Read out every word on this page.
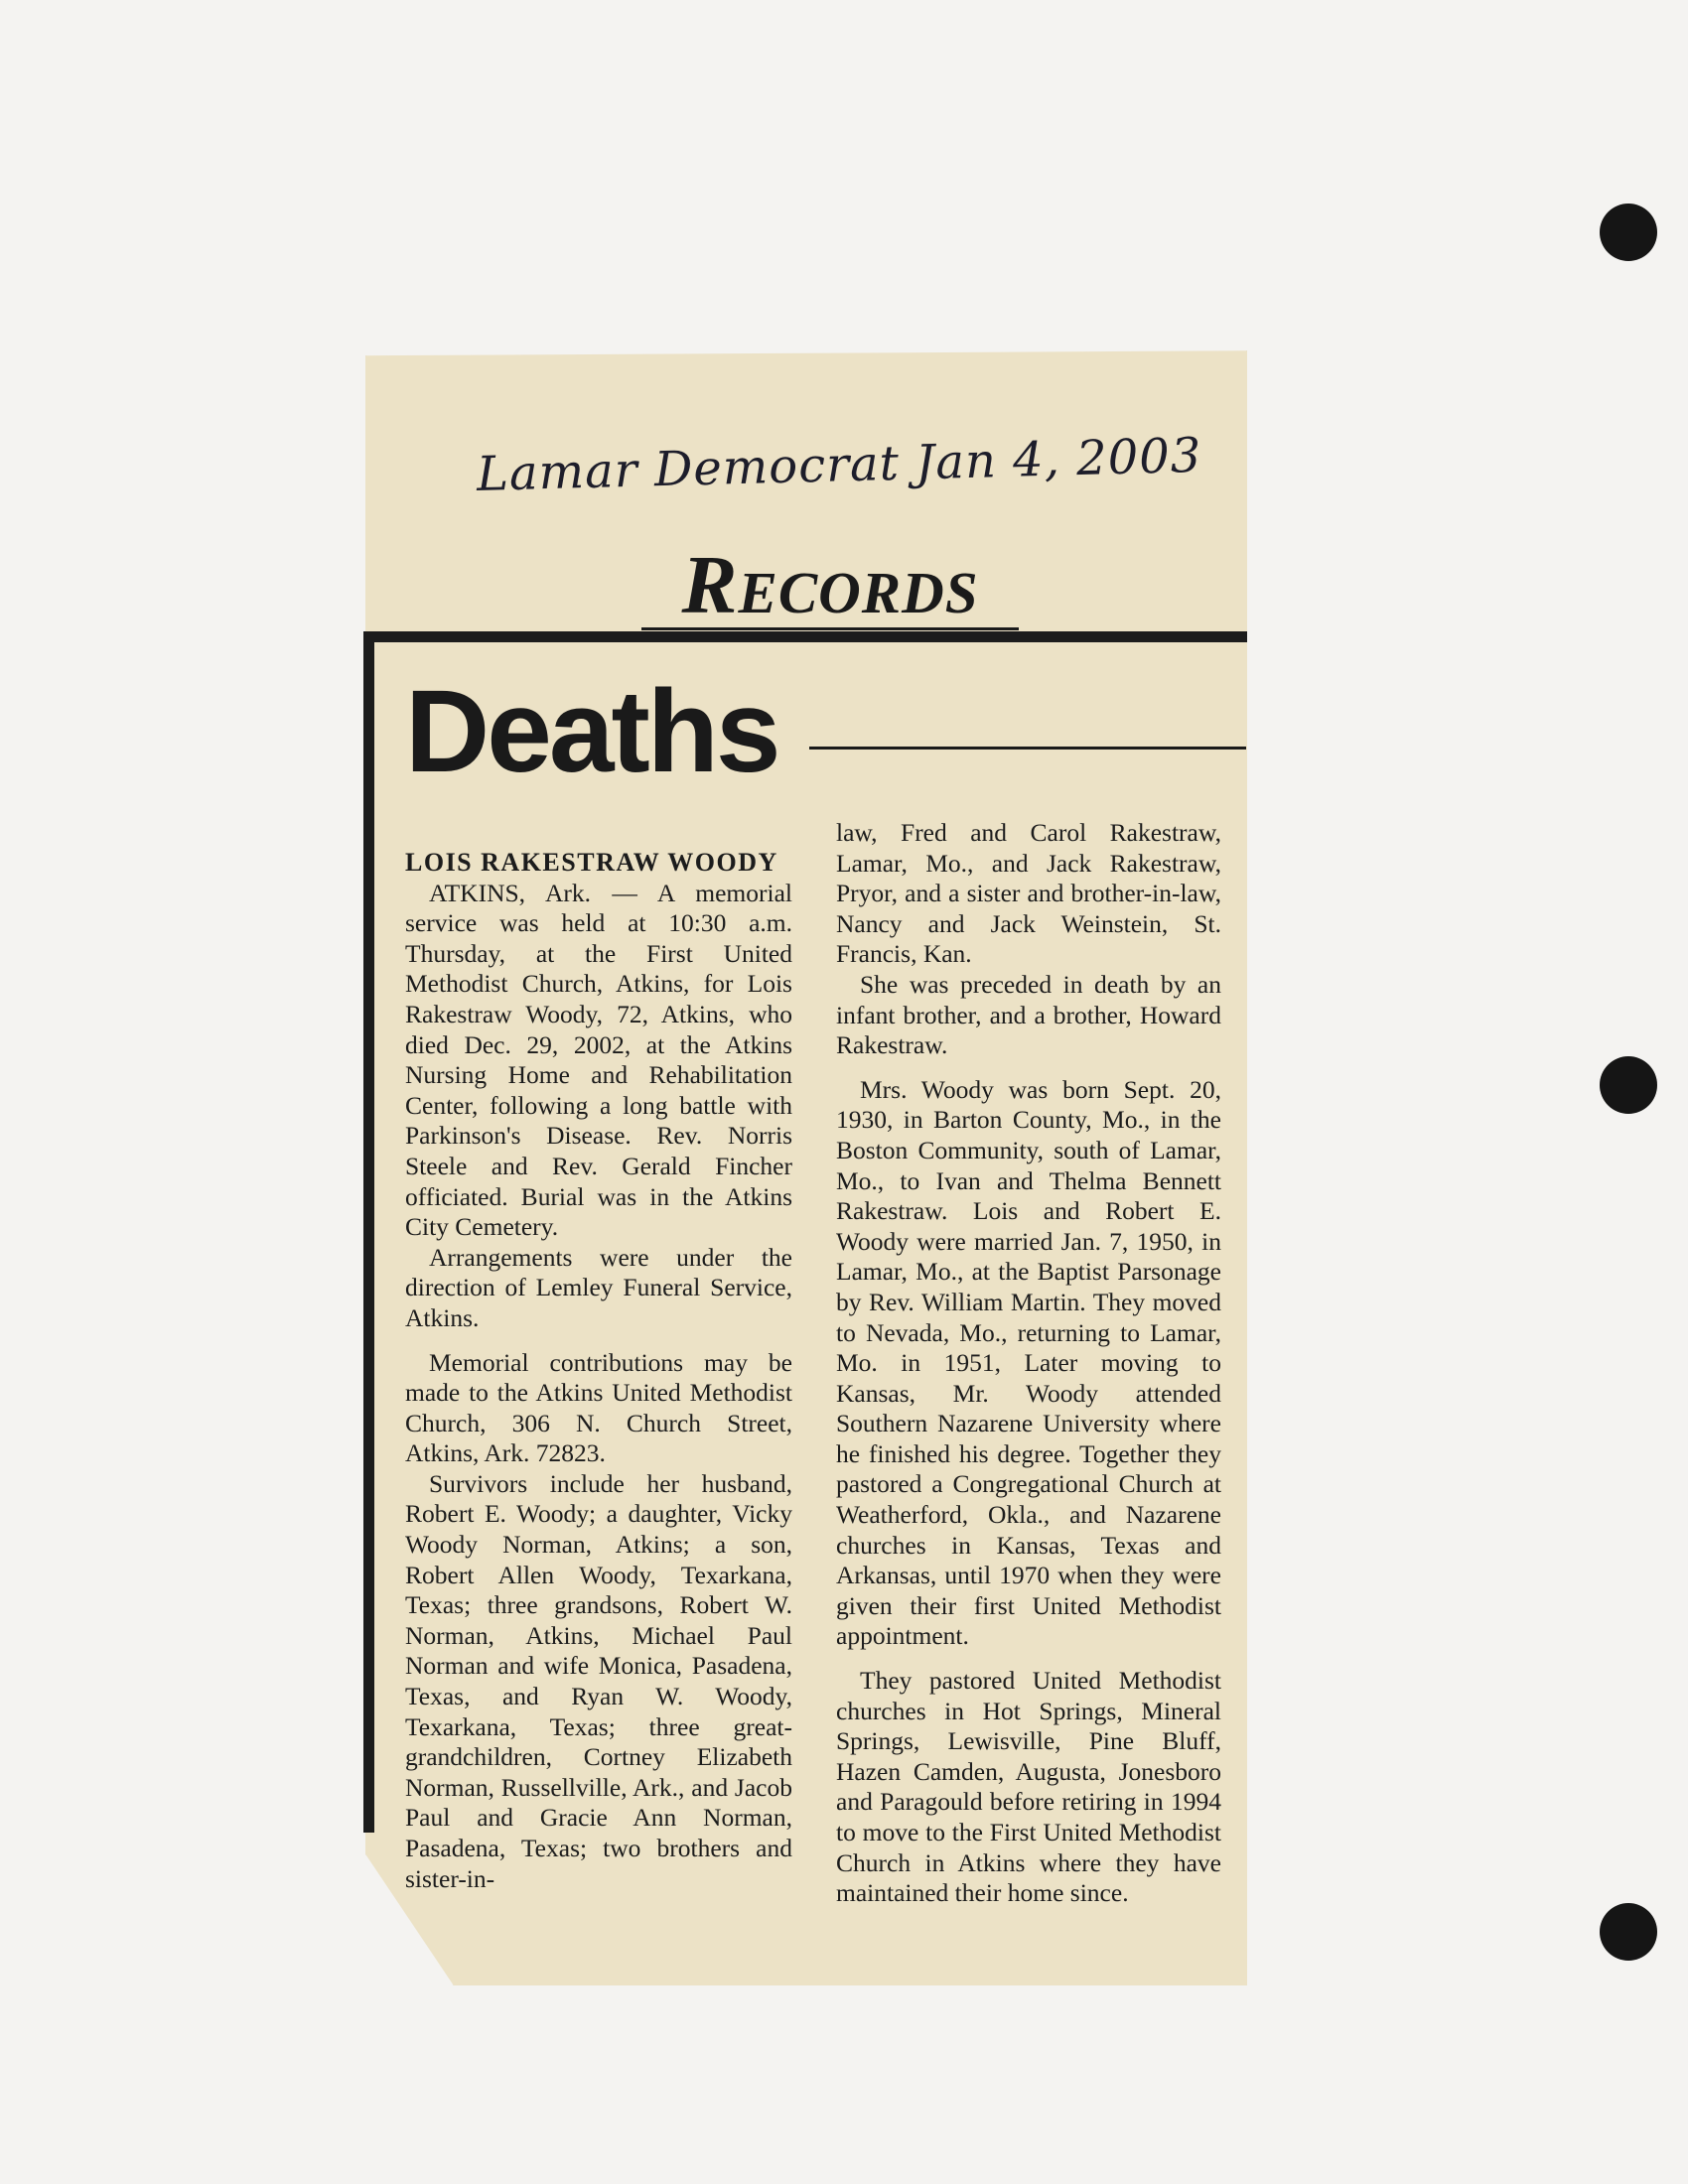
Lamar Democrat Jan 4, 2003
Records
Deaths

LOIS RAKESTRAW WOODY

ATKINS, Ark. — A memorial service was held at 10:30 a.m. Thursday, at the First United Methodist Church, Atkins, for Lois Rakestraw Woody, 72, Atkins, who died Dec. 29, 2002, at the Atkins Nursing Home and Rehabilitation Center, following a long battle with Parkinson's Disease. Rev. Norris Steele and Rev. Gerald Fincher officiated. Burial was in the Atkins City Cemetery.

Arrangements were under the direction of Lemley Funeral Service, Atkins.

Memorial contributions may be made to the Atkins United Methodist Church, 306 N. Church Street, Atkins, Ark. 72823.

Survivors include her husband, Robert E. Woody; a daughter, Vicky Woody Norman, Atkins; a son, Robert Allen Woody, Texarkana, Texas; three grandsons, Robert W. Norman, Atkins, Michael Paul Norman and wife Monica, Pasadena, Texas, and Ryan W. Woody, Texarkana, Texas; three great-grandchildren, Cortney Elizabeth Norman, Russellville, Ark., and Jacob Paul and Gracie Ann Norman, Pasadena, Texas; two brothers and sister-in-

law, Fred and Carol Rakestraw, Lamar, Mo., and Jack Rakestraw, Pryor, and a sister and brother-in-law, Nancy and Jack Weinstein, St. Francis, Kan.

She was preceded in death by an infant brother, and a brother, Howard Rakestraw.

Mrs. Woody was born Sept. 20, 1930, in Barton County, Mo., in the Boston Community, south of Lamar, Mo., to Ivan and Thelma Bennett Rakestraw. Lois and Robert E. Woody were married Jan. 7, 1950, in Lamar, Mo., at the Baptist Parsonage by Rev. William Martin. They moved to Nevada, Mo., returning to Lamar, Mo. in 1951, Later moving to Kansas, Mr. Woody attended Southern Nazarene University where he finished his degree. Together they pastored a Congregational Church at Weatherford, Okla., and Nazarene churches in Kansas, Texas and Arkansas, until 1970 when they were given their first United Methodist appointment.

They pastored United Methodist churches in Hot Springs, Mineral Springs, Lewisville, Pine Bluff, Hazen Camden, Augusta, Jonesboro and Paragould before retiring in 1994 to move to the First United Methodist Church in Atkins where they have maintained their home since.
